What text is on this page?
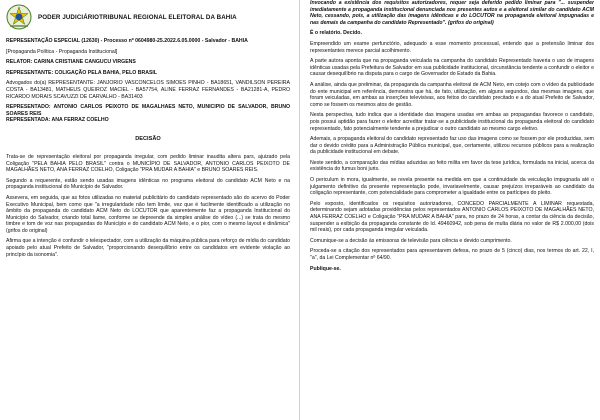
PODER JUDICIÁRIOTRIBUNAL REGIONAL ELEITORAL DA BAHIA

REPRESENTAÇÃO ESPECIAL (12630) - Processo nº 0604980-25.2022.6.05.0000 - Salvador - BAHIA

[Propaganda Política - Propaganda Institucional]

RELATOR: CARINA CRISTIANE CANGUCU VIRGENS

REPRESENTANTE: COLIGAÇÃO PELA BAHIA, PELO BRASIL

Advogados do(a) REPRESENTANTE: JANJORIO VASCONCELOS SIMOES PINHO - BA18651, VANDILSON PEREIRA COSTA - BA13481, MATHEUS QUEIROZ MACIEL - BA57754, ALINE FERRAZ FERNANDES - BA21281-A, PEDRO RICARDO MORAIS SCAVUZZI DE CARVALHO - BA31403

REPRESENTADO: ANTONIO CARLOS PEIXOTO DE MAGALHAES NETO, MUNICIPIO DE SALVADOR, BRUNO SOARES REIS

REPRESENTADA: ANA FERRAZ COELHO

DECISÃO

Trata-se de representação eleitoral por propaganda irregular, com pedido liminar inaudita altera pars, ajuizado pela Coligação "PELA BAHIA PELO BRASIL" contra o MUNICÍPIO DE SALVADOR, ANTONIO CARLOS PEIXOTO DE MAGALHÃES NETO, ANA FERRAZ COELHO, Coligação "PRA MUDAR A BAHIA" e BRUNO SOARES REIS.

Segundo a requerente, estão sendo usadas imagens idênticas no programa eleitoral do candidato ACM Neto e na propaganda institucional do Município de Salvador.

Assevera, em seguida, que as fotos utilizadas no material publicitário do candidato representado são do acervo do Poder Executivo Municipal, bem como que "a irregularidade não tem limite, vez que é facilmente identificado a utilização no âmbito da propaganda do candidato ACM Neto do LOCUTOR que aparentemente faz a propaganda Institucional do Município do Salvador, criando total liame, conforme se depreende da simples análise do vídeo (...) se trata do mesmo timbre e tom de voz nas propagandas do Município e do candidato ACM Neto, e o pior, com o mesmo layout e dinâmica" (grifos do original)

Afirma que a intenção é confundir o telespectador, com a utilização da máquina pública para reforço de mídia do candidato apoiado pelo atual Prefeito de Salvador, "proporcionando desequilíbrio entre os candidatos em evidente violação ao princípio da isonomia".

Invocando a existência dos requisitos autorizadores, requer seja deferido pedido liminar para "... suspender imediatamente a propaganda institucional denunciada nos presentes autos e a eleitoral similar do candidato ACM Neto, cessando, pois, a utilização das imagens idênticas e do LOCUTOR na propaganda eleitoral impugnadas e nas demais da campanha do candidato Representado". (grifos do original)

É o relatório. Decido.

Empreendido um exame perfunctório, adequado a esse momento processual, entendo que a pretensão liminar dos representantes merece parcial acolhimento.

A parte autora aponta que na propaganda veiculada na campanha do candidato Representado haveria o uso de imagens idênticas usadas pela Prefeitura de Salvador em sua publicidade institucional, circunstância tendente a confundir o eleitor e causar desequilíbrio na disputa para o cargo de Governador do Estado da Bahia.

A análise, ainda que preliminar, da propaganda da campanha eleitoral de ACM Neto, em cotejo com o vídeo da publicidade do ente municipal em referência, demonstra que há, de fato, utilização, em alguns segundos, das mesmas imagens, que foram veiculadas, em ambas as inserções televisivas, aos feitos do candidato precitado e a do atual Prefeito de Salvador, como se fossem os mesmos atos de gestão.

Nesta perspectiva, tudo indica que a identidade das imagens usadas em ambas as propagandas favorece o candidato, pois possui aptidão para fazer o eleitor acreditar tratar-se a publicidade institucional da propaganda eleitoral do candidato representado, fato potencialmente tendente a prejudicar o outro candidato ao mesmo cargo eletivo.

Ademais, a propaganda eleitoral do candidato representado faz uso das imagens como se fossem por ele produzidas, sem dar o devido crédito para a Administração Pública municipal, que, certamente, utilizou recursos públicos para a realização da publicidade institucional em debate.

Neste sentido, a comparação das mídias aduzidas ao feito milita em favor da tese jurídica, formulada na inicial, acerca da existência do fumus boni juris.

O periculum in mora, igualmente, se revela presente na medida em que a continuidade da veiculação impugnada até o julgamento definitivo da presente representação pode, invariavelmente, causar prejuízos irreparáveis ao candidato da coligação representante, com potencialidade para comprometer a igualdade entre os partícipes do pleito.

Pelo exposto, identificados os requisitos autorizadores, CONCEDO PARCIALMENTE A LIMINAR requestada, determinando sejam adotadas providências pelos representados ANTONIO CARLOS PEIXOTO DE MAGALHÃES NETO, ANA FERRAZ COELHO e Coligação "PRA MUDAR A BAHIA" para, no prazo de 24 horas, a contar da ciência da decisão, suspender a exibição da propaganda constante do Id. 49460942, sob pena de multa diária no valor de R$ 2.000,00 (dois mil reais), por cada propaganda irregular veiculada.

Comunique-se a decisão às emissoras de televisão para ciência e devido cumprimento.

Proceda-se a citação dos representados para apresentarem defesa, no prazo de 5 (cinco) dias, nos termos do art. 22, I, "a", da Lei Complementar nº 64/90.

Publique-se.
